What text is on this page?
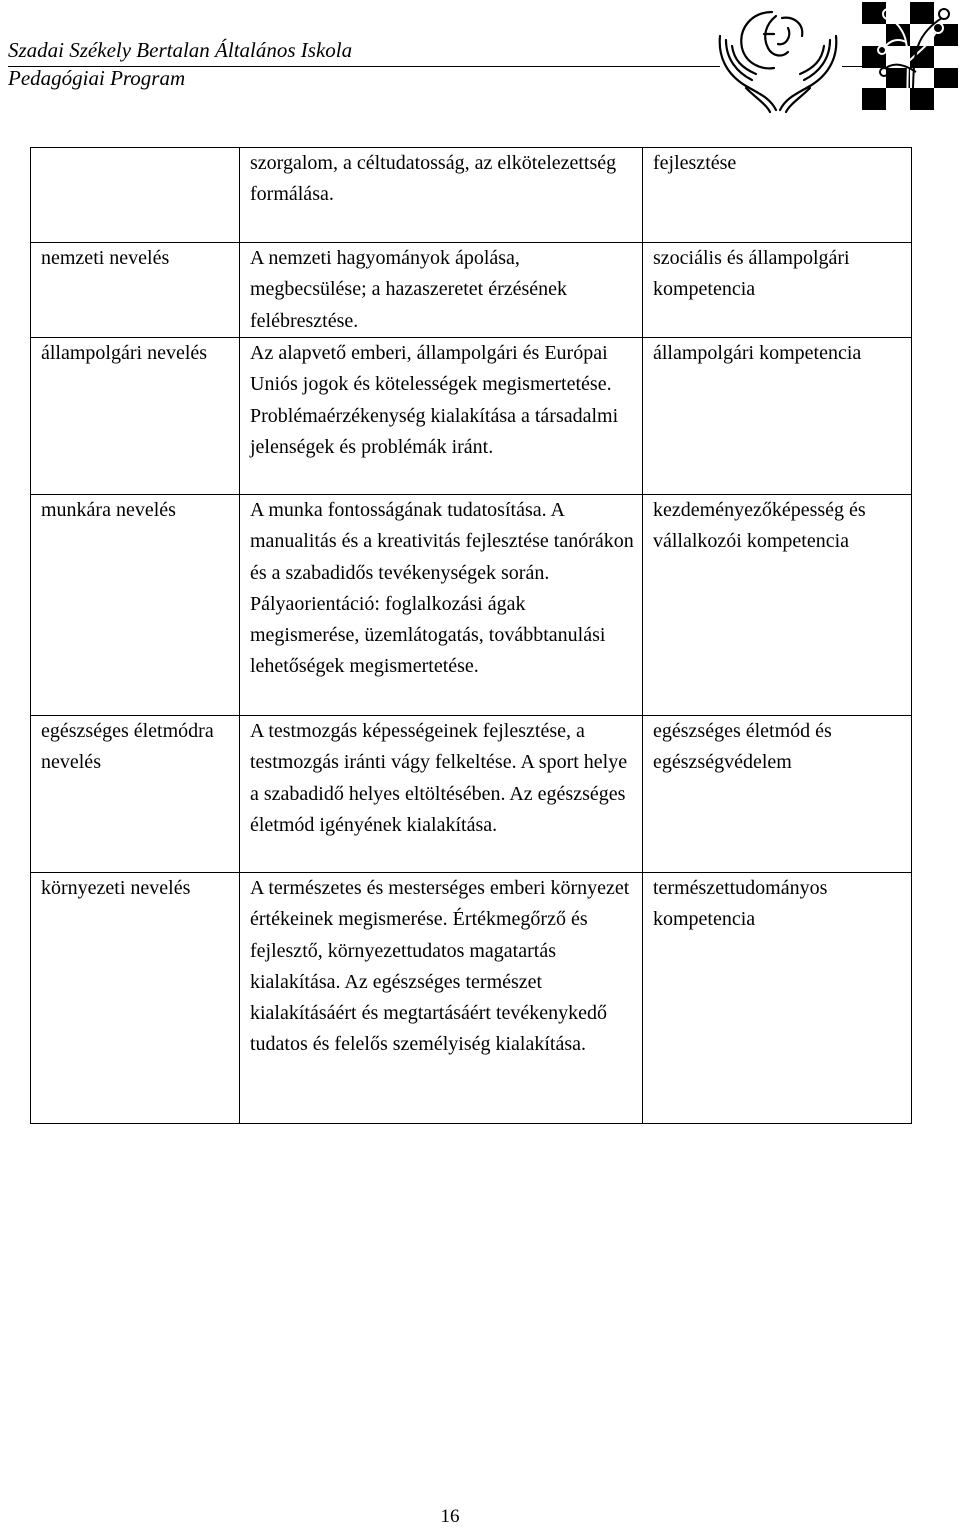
Szadai Székely Bertalan Általános Iskola
Pedagógiai Program

	szorgalom, a céltudatosság, az elkötelezettség formálása.	fejlesztése

nemzeti nevelés	A nemzeti hagyományok ápolása, megbecsülése; a hazaszeretet érzésének felébresztése.	szociális és állampolgári kompetencia

állampolgári nevelés	Az alapvető emberi, állampolgári és Európai Uniós jogok és kötelességek megismertetése. Problémaérzékenység kialakítása a társadalmi jelenségek és problémák iránt.	állampolgári kompetencia

munkára nevelés	A munka fontosságának tudatosítása. A manualitás és a kreativitás fejlesztése tanórákon és a szabadidős tevékenységek során. Pályaorientáció: foglalkozási ágak megismerése, üzemlátogatás, továbbtanulási lehetőségek megismertetése.	kezdeményezőképesség és vállalkozói kompetencia

egészséges életmódra nevelés	A testmozgás képességeinek fejlesztése, a testmozgás iránti vágy felkeltése. A sport helye a szabadidő helyes eltöltésében. Az egészséges életmód igényének kialakítása.	egészséges életmód és egészségvédelem

környezeti nevelés	A természetes és mesterséges emberi környezet értékeinek megismerése. Értékmegőrző és fejlesztő, környezettudatos magatartás kialakítása. Az egészséges természet kialakításáért és megtartásáért tevékenykedő tudatos és felelős személyiség kialakítása.	természettudományos kompetencia
16
